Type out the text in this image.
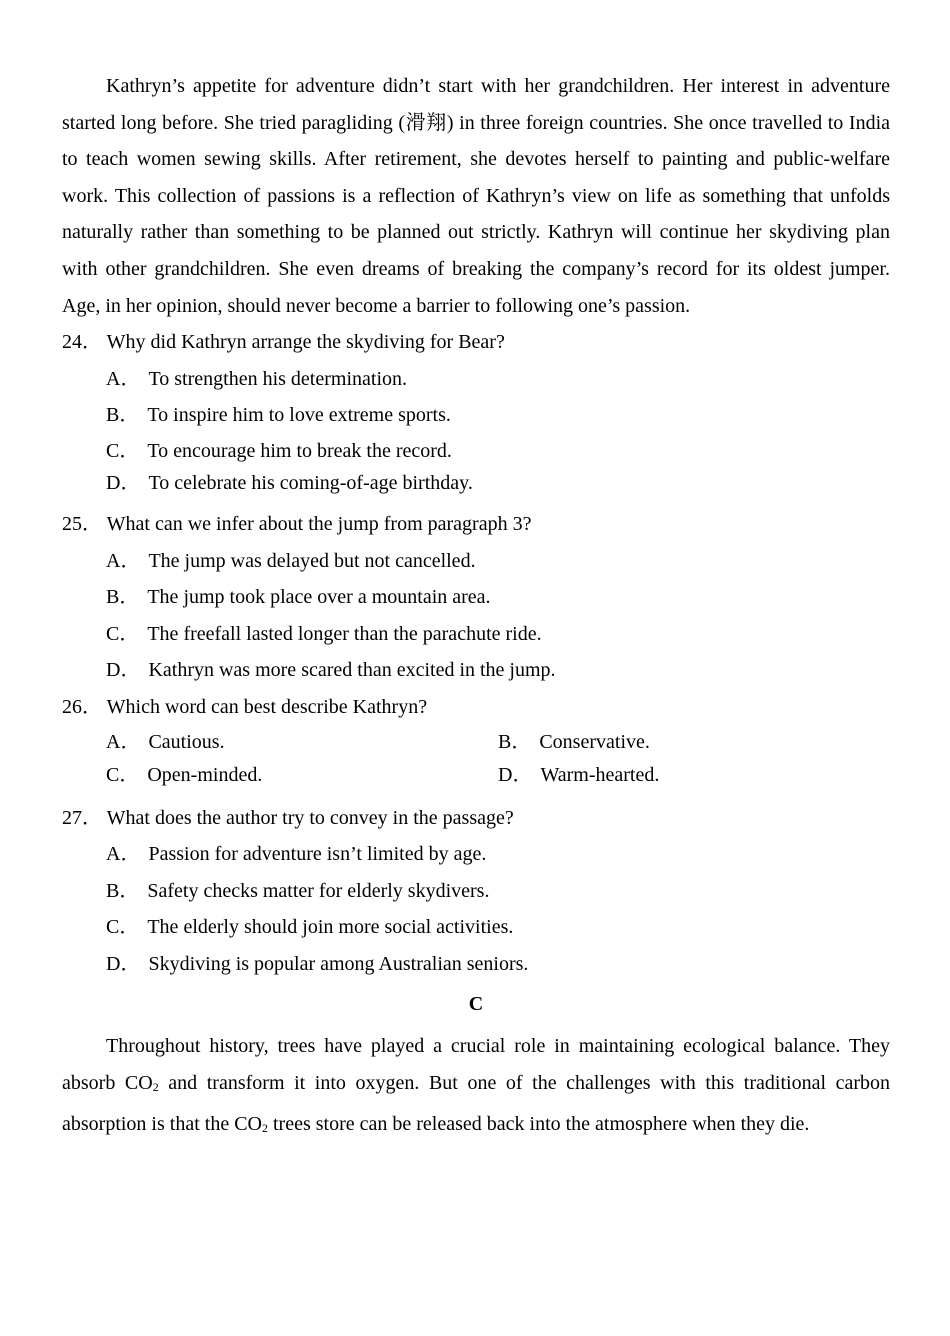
Kathryn’s appetite for adventure didn’t start with her grandchildren. Her interest in adventure started long before. She tried paragliding (滑翔) in three foreign countries. She once travelled to India to teach women sewing skills. After retirement, she devotes herself to painting and public-welfare work. This collection of passions is a reflection of Kathryn’s view on life as something that unfolds naturally rather than something to be planned out strictly. Kathryn will continue her skydiving plan with other grandchildren. She even dreams of breaking the company’s record for its oldest jumper. Age, in her opinion, should never become a barrier to following one’s passion.

24． Why did Kathryn arrange the skydiving for Bear?
A． To strengthen his determination.
B． To inspire him to love extreme sports.
C． To encourage him to break the record.
D． To celebrate his coming-of-age birthday.
25． What can we infer about the jump from paragraph 3?
A． The jump was delayed but not cancelled.
B． The jump took place over a mountain area.
C． The freefall lasted longer than the parachute ride.
D． Kathryn was more scared than excited in the jump.
26． Which word can best describe Kathryn?
A． Cautious.	B． Conservative.
C． Open-minded.	D． Warm-hearted.
27． What does the author try to convey in the passage?
A． Passion for adventure isn’t limited by age.
B． Safety checks matter for elderly skydivers.
C． The elderly should join more social activities.
D． Skydiving is popular among Australian seniors.
C

Throughout history, trees have played a crucial role in maintaining ecological balance. They absorb $CO_2$ and transform it into oxygen. But one of the challenges with this traditional carbon absorption is that the $CO_2$ trees store can be released back into the atmosphere when they die.
